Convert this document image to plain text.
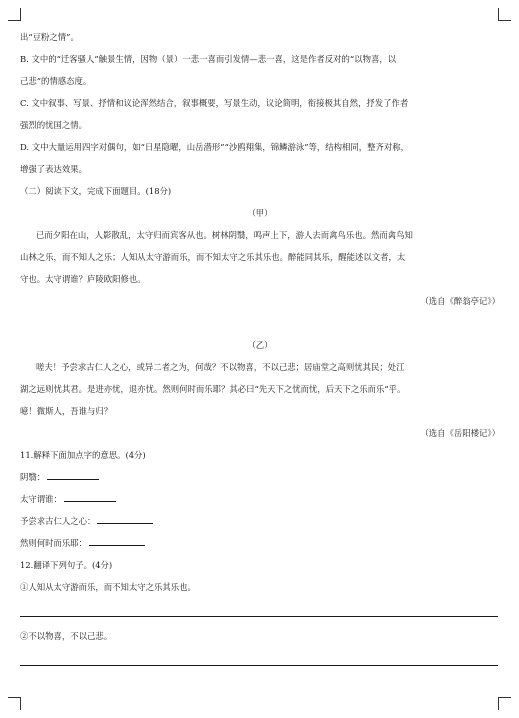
出“豆粉之情”。
B. 文中的“迁客骚人”触景生情，因物（景）一悲一喜而引发情—悲一喜，这是作者反对的“以物喜，以
己悲”的情感态度。
C. 文中叙事、写景、抒情和议论浑然结合，叙事概要，写景生动，议论简明，衔接极其自然，抒发了作者
强烈的忧国之情。
D. 文中大量运用四字对偶句，如“日星隐曜，山岳潜形”“沙鸥翔集，锦鳞游泳”等，结构相同，整齐对称，
增强了表达效果。
（二）阅读下文，完成下面题目。(18分)
（甲）
已而夕阳在山，人影散乱，太守归而宾客从也。树林阴翳，鸣声上下，游人去而禽鸟乐也。然而禽鸟知
山林之乐，而不知人之乐；人知从太守游而乐，而不知太守之乐其乐也。醉能同其乐，醒能述以文者，太
守也。太守谓谁？庐陵欧阳修也。
（选自《醉翁亭记》）
（乙）
嗟夫！予尝求古仁人之心，或异二者之为，何哉？不以物喜，不以己悲；居庙堂之高则忧其民；处江
湖之远则忧其君。是进亦忧，退亦忧。然则何时而乐耶？其必曰“先天下之忧而忧，后天下之乐而乐”乎。
噫！微斯人，吾谁与归？
（选自《岳阳楼记》）
11.解释下面加点字的意思。(4分)
阴翳：
太守谓谁：
予尝求古仁人之心：
然则何时而乐耶：
12.翻译下列句子。(4分)
①人知从太守游而乐，而不知太守之乐其乐也。
②不以物喜，不以己悲。
